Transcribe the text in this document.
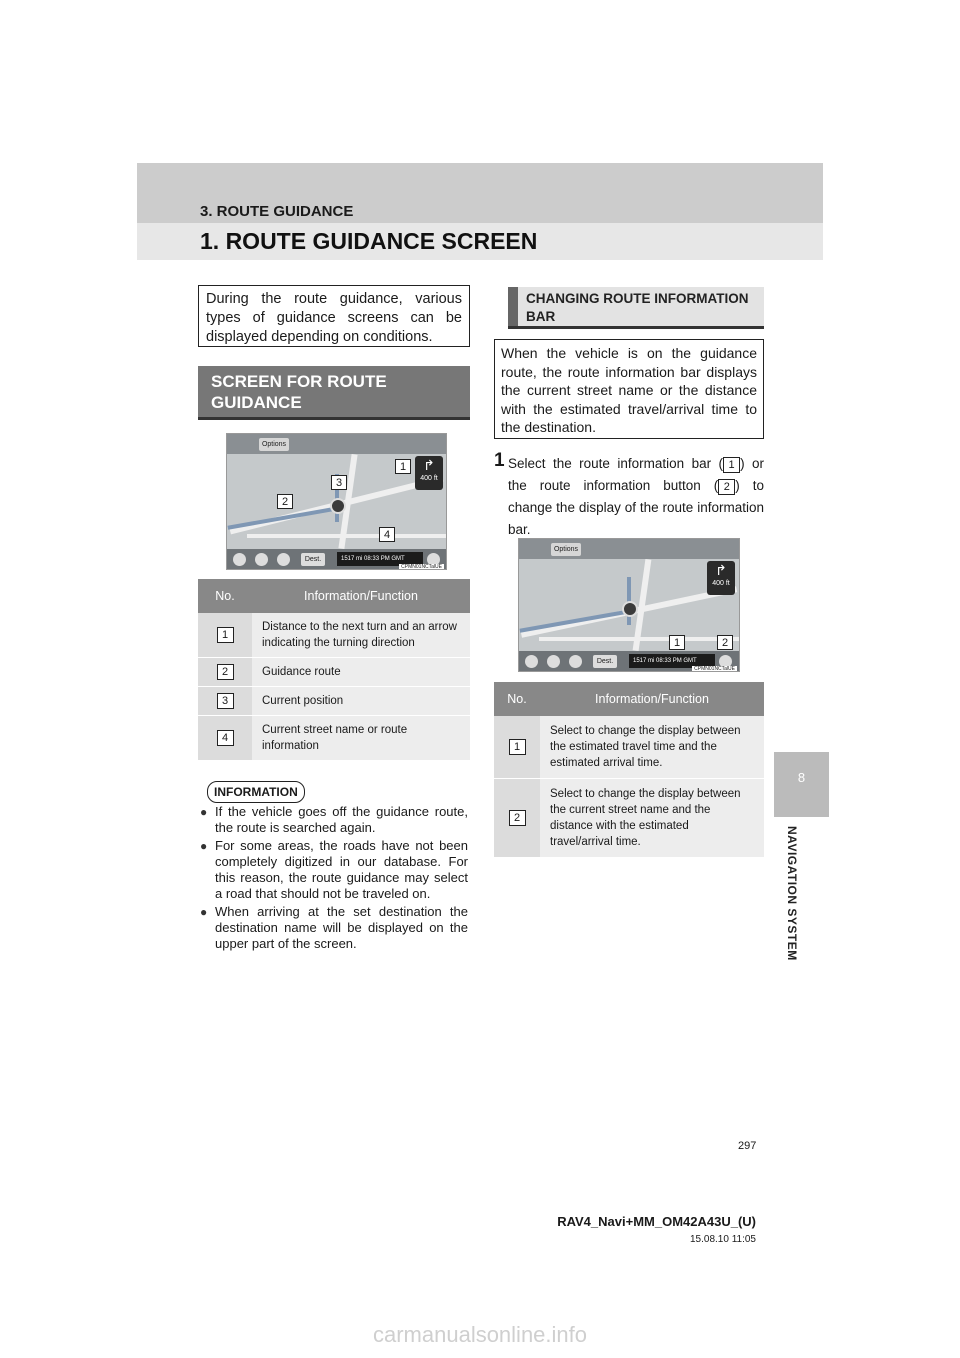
3. ROUTE GUIDANCE
1. ROUTE GUIDANCE SCREEN
8
NAVIGATION SYSTEM
During the route guidance, various types of guidance screens can be displayed depending on conditions.
SCREEN FOR ROUTE GUIDANCE
Options
↱
400 ft
Dest.	1517 mi 08:33 PM GMT
CPMN01NCTalUE
1
2
3
4
No.	Information/Function
1	Distance to the next turn and an arrow indicating the turning direction
2	Guidance route
3	Current position
4	Current street name or route information
INFORMATION
● If the vehicle goes off the guidance route, the route is searched again.
● For some areas, the roads have not been completely digitized in our database. For this reason, the route guidance may select a road that should not be traveled on.
● When arriving at the set destination the destination name will be displayed on the upper part of the screen.
CHANGING ROUTE INFORMATION BAR
When the vehicle is on the guidance route, the route information bar displays the current street name or the distance with the estimated travel/arrival time to the destination.
1 Select the route information bar ( 1 ) or the route information button ( 2 ) to change the display of the route information bar.
Options
↱
400 ft
Dest.	1517 mi 08:33 PM GMT
CPMN01NCTalUE
1	2
No.	Information/Function
1	Select to change the display between the estimated travel time and the estimated arrival time.
2	Select to change the display between the current street name and the distance with the estimated travel/arrival time.
297
RAV4_Navi+MM_OM42A43U_(U)
15.08.10 11:05
carmanualsonline.info
